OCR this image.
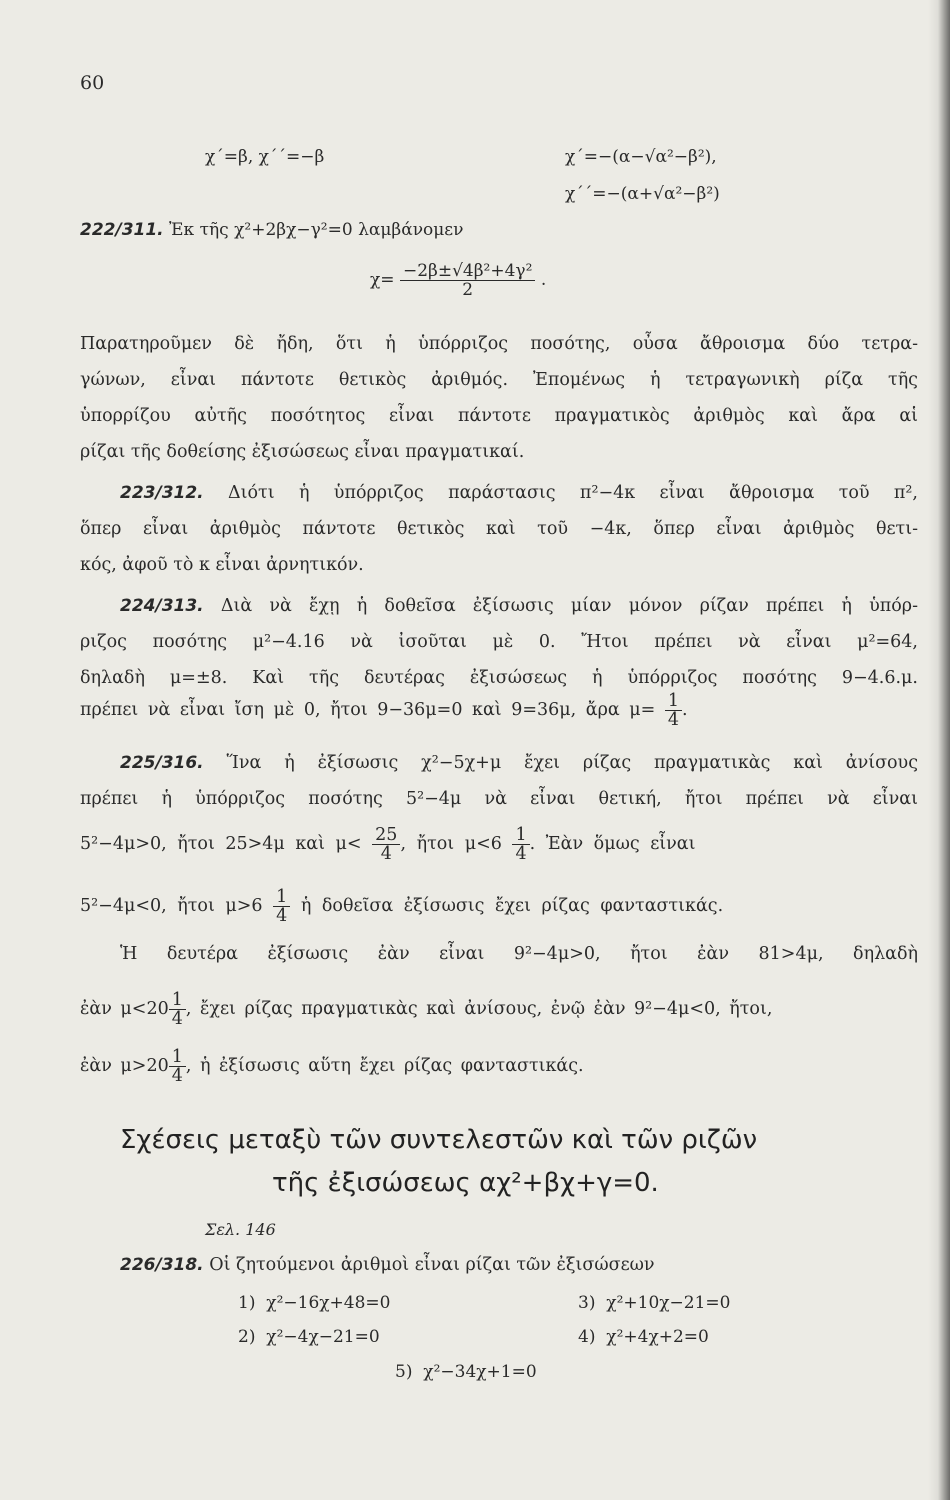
60
χ΄=β, χ΄΄=−β	χ΄=−(α−√α²−β²),
χ΄΄=−(α+√α²−β²)
222/311. Ἐκ τῆς χ²+2βχ−γ²=0 λαμβάνομεν
$\chi= \frac{\text{−2β±√4β²+4γ²}}{2}$ .
Παρατηροῦμεν δὲ ἤδη, ὅτι ἡ ὑπόρριζος ποσότης, οὖσα ἄθροισμα δύο τετρα-
γώνων, εἶναι πάντοτε θετικὸς ἀριθμός. Ἐπομένως ἡ τετραγωνικὴ ρίζα τῆς
ὑπορρίζου αὐτῆς ποσότητος εἶναι πάντοτε πραγματικὸς ἀριθμὸς καὶ ἄρα αἱ
ρίζαι τῆς δοθείσης ἐξισώσεως εἶναι πραγματικαί.
223/312. Διότι ἡ ὑπόρριζος παράστασις π²−4κ εἶναι ἄθροισμα τοῦ π²,
ὅπερ εἶναι ἀριθμὸς πάντοτε θετικὸς καὶ τοῦ −4κ, ὅπερ εἶναι ἀριθμὸς θετι-
κός, ἀφοῦ τὸ κ εἶναι ἀρνητικόν.
224/313. Διὰ νὰ ἔχῃ ἡ δοθεῖσα ἐξίσωσις μίαν μόνον ρίζαν πρέπει ἡ ὑπόρ-
ριζος ποσότης μ²−4.16 νὰ ἰσοῦται μὲ 0. Ἤτοι πρέπει νὰ εἶναι μ²=64,
δηλαδὴ μ=±8. Καὶ τῆς δευτέρας ἐξισώσεως ἡ ὑπόρριζος ποσότης 9−4.6.μ.
πρέπει νὰ εἶναι ἴση μὲ 0, ἤτοι 9−36μ=0 καὶ 9=36μ, ἄρα $\mu= \frac{1}{4}$ .
225/316. Ἵνα ἡ ἐξίσωσις χ²−5χ+μ ἔχει ρίζας πραγματικὰς καὶ ἀνίσους
πρέπει ἡ ὑπόρριζος ποσότης 5²−4μ νὰ εἶναι θετική, ἤτοι πρέπει νὰ εἶναι
5²−4μ>0, ἤτοι 25>4μ καὶ $\mu< \frac{25}{4}$ , ἤτοι $\mu<6 \frac{1}{4}$ . Ἐὰν ὅμως εἶναι
5²−4μ<0, ἤτοι $\mu>6 \frac{1}{4}$ ἡ δοθεῖσα ἐξίσωσις ἔχει ρίζας φανταστικάς.
Ἡ δευτέρα ἐξίσωσις ἐὰν εἶναι 9²−4μ>0, ἤτοι ἐὰν 81>4μ, δηλαδὴ
ἐὰν $\mu<20 \frac{1}{4}$ , ἔχει ρίζας πραγματικὰς καὶ ἀνίσους, ἐνῷ ἐὰν 9²−4μ<0, ἤτοι,
ἐὰν $\mu>20 \frac{1}{4}$ , ἡ ἐξίσωσις αὕτη ἔχει ρίζας φανταστικάς.
Σχέσεις μεταξὺ τῶν συντελεστῶν καὶ τῶν ριζῶν
τῆς ἐξισώσεως αχ²+βχ+γ=0.
Σελ. 146
226/318. Οἱ ζητούμενοι ἀριθμοὶ εἶναι ρίζαι τῶν ἐξισώσεων
1) χ²−16χ+48=0	3) χ²+10χ−21=0
2) χ²−4χ−21=0	4) χ²+4χ+2=0
5) χ²−34χ+1=0
